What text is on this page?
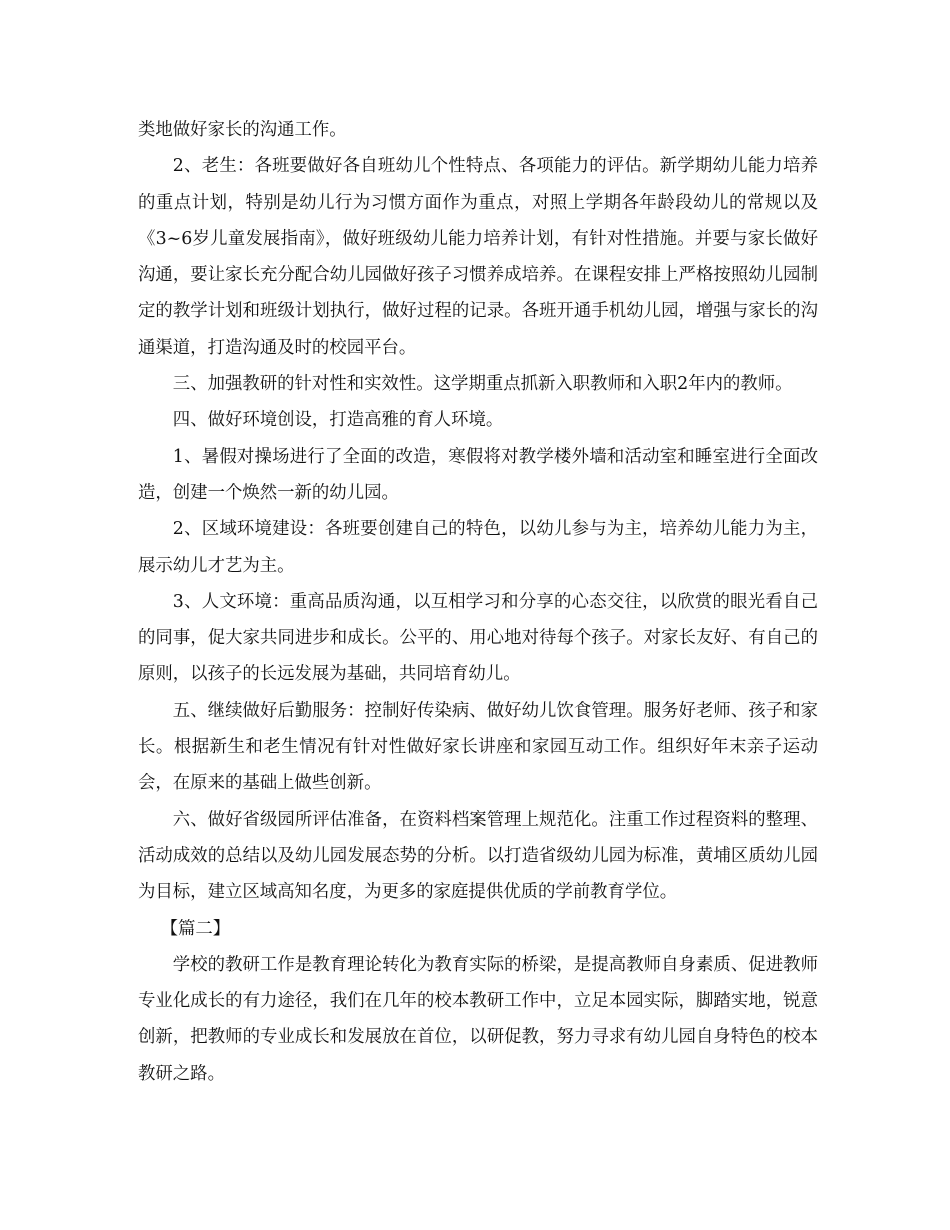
类地做好家长的沟通工作。

2、老生：各班要做好各自班幼儿个性特点、各项能力的评估。新学期幼儿能力培养的重点计划，特别是幼儿行为习惯方面作为重点，对照上学期各年龄段幼儿的常规以及《3~6岁儿童发展指南》，做好班级幼儿能力培养计划，有针对性措施。并要与家长做好沟通，要让家长充分配合幼儿园做好孩子习惯养成培养。在课程安排上严格按照幼儿园制定的教学计划和班级计划执行，做好过程的记录。各班开通手机幼儿园，增强与家长的沟通渠道，打造沟通及时的校园平台。

三、加强教研的针对性和实效性。这学期重点抓新入职教师和入职2年内的教师。

四、做好环境创设，打造高雅的育人环境。

1、暑假对操场进行了全面的改造，寒假将对教学楼外墙和活动室和睡室进行全面改造，创建一个焕然一新的幼儿园。

2、区域环境建设：各班要创建自己的特色，以幼儿参与为主，培养幼儿能力为主，展示幼儿才艺为主。

3、人文环境：重高品质沟通，以互相学习和分享的心态交往，以欣赏的眼光看自己的同事，促大家共同进步和成长。公平的、用心地对待每个孩子。对家长友好、有自己的原则，以孩子的长远发展为基础，共同培育幼儿。

五、继续做好后勤服务：控制好传染病、做好幼儿饮食管理。服务好老师、孩子和家长。根据新生和老生情况有针对性做好家长讲座和家园互动工作。组织好年末亲子运动会，在原来的基础上做些创新。

六、做好省级园所评估准备，在资料档案管理上规范化。注重工作过程资料的整理、活动成效的总结以及幼儿园发展态势的分析。以打造省级幼儿园为标准，黄埔区质幼儿园为目标，建立区域高知名度，为更多的家庭提供优质的学前教育学位。

【篇二】

学校的教研工作是教育理论转化为教育实际的桥梁，是提高教师自身素质、促进教师专业化成长的有力途径，我们在几年的校本教研工作中，立足本园实际，脚踏实地，锐意创新，把教师的专业成长和发展放在首位，以研促教，努力寻求有幼儿园自身特色的校本教研之路。
